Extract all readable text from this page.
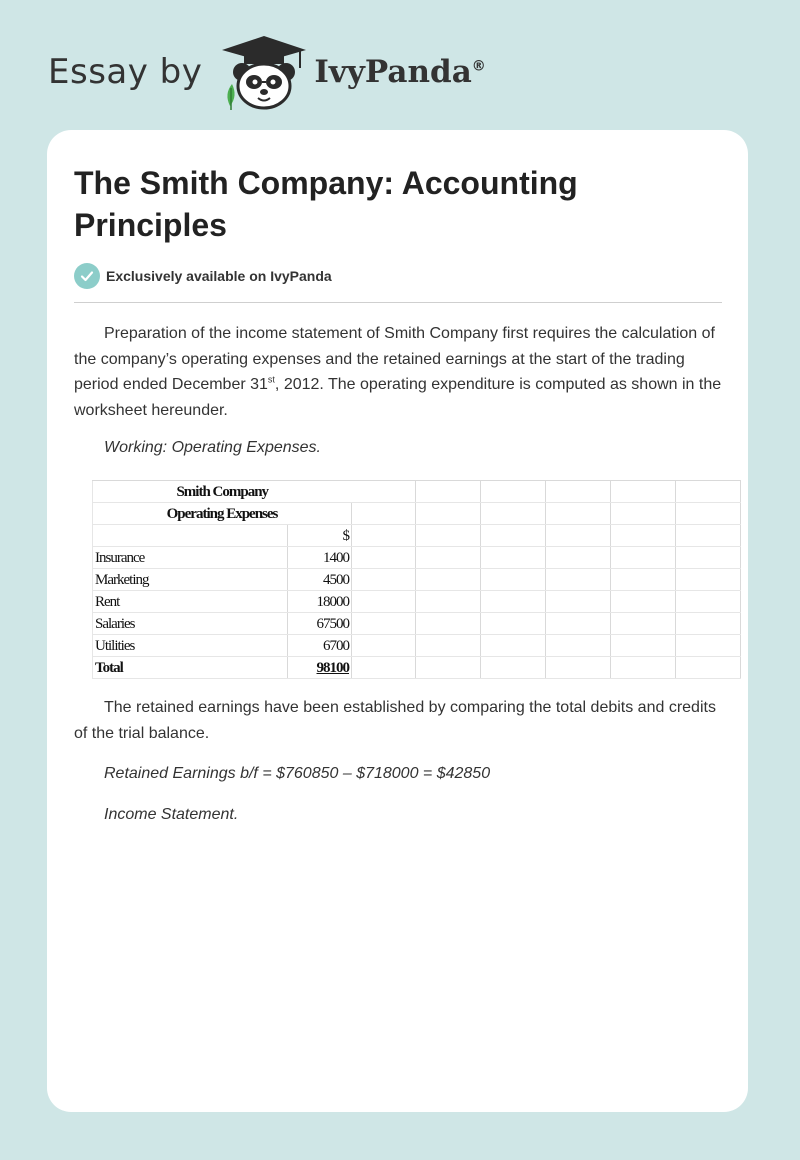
Essay by	IvyPanda®
The Smith Company: Accounting Principles
Exclusively available on IvyPanda

Preparation of the income statement of Smith Company first requires the calculation of the company’s operating expenses and the retained earnings at the start of the trading period ended December 31st, 2012. The operating expenditure is computed as shown in the worksheet hereunder.

Working: Operating Expenses.

Smith Company							
Operating Expenses							
	$						
Insurance	1400						
Marketing	4500						
Rent	18000						
Salaries	67500						
Utilities	6700						
Total	98100						

The retained earnings have been established by comparing the total debits and credits of the trial balance.

Retained Earnings b/f = $760850 – $718000 = $42850

Income Statement.
